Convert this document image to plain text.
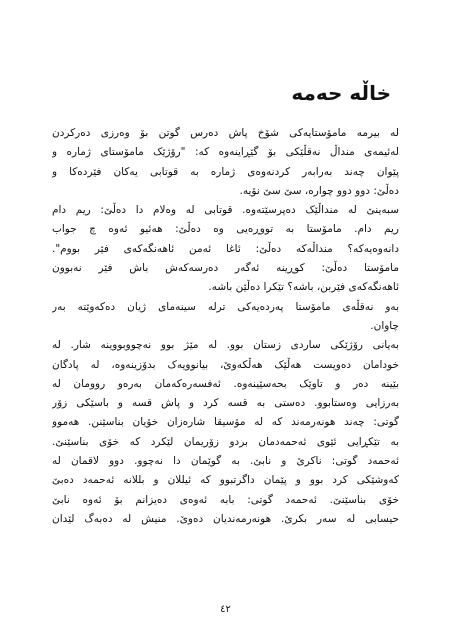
خاڵە حەمە
لە بیرمە مامۆستایەکی شۆخ پاش دەرس گوتن بۆ وەرزی دەرکردن
لەئیمەی منداڵ نەقڵێکی بۆ گێڕاینەوە کە: "رۆژێک مامۆستای ژمارە و
پێوان چەند بەرابەر کردنەوەی ژمارە بە قوتابی یەکان فێردەکا و
دەڵێ: دوو دوو چوارە، سێ سێ نۆیە.
سبەینێ لە منداڵێک دەپرسێتەوە. قوتابی لە وەلام دا دەڵێ: ریم دام
ریم دام. مامۆستا بە تووڕەیی وە دەڵێ: هەئیو ئەوە چ جواب
دانەوەیەکە؟ منداڵەکە دەڵێ: ئاغا ئەمن ئاهەنگەکەی فێر بووم".
مامۆستا دەڵێ: کوڕینە ئەگەر دەرسەکەش باش فێر نەبوون
ئاهەنگەکەی فێربن، باشە؟ تێکرا دەڵێن باشە.
بەو نەقڵەی مامۆستا پەردەیەکی ترلە سینەمای ژیان دەکەوێتە بەر
چاوان.
بەیانی رۆژێکی ساردی زستان بوو. لە مێژ بوو نەچووبووینە شار. لە
خودامان دەویست هەڵێک هەڵکەوێ، بیانوویەک بدۆزینەوە، لە پادگان
بێینە دەر و تاوێک بحەسێینەوە. ئەفسەرەکەمان بەرەو روومان لە
بەرزایی وەستابوو. دەستی بە قسە کرد و پاش قسە و باسێکی زۆر
گوتی: چەند هونەرمەند کە لە مۆسیقا شارەزان خۆیان بناسێنن. هەموو
بە تێکڕایی ئێوی ئەحمەدمان بردو زۆریمان لێکرد کە خۆی بناسێنێ.
ئەحمەد گوتی: ناکرێ و نابێ. بە گوێمان دا نەچوو. دوو لاقمان لە
کەوشێکی کرد بوو و پێمان داگرتبوو کە ئیللان و بللانە ئەحمەد دەبێ
خۆی بناسێنێ. ئەحمەد گوتی: بابە ئەوەی دەیزانم بۆ ئەوە نابێ
حیسابی لە سەر بکرێ. هونەرمەندیان دەوێ. منیش لە دەبەگ لێدان
٤٢
